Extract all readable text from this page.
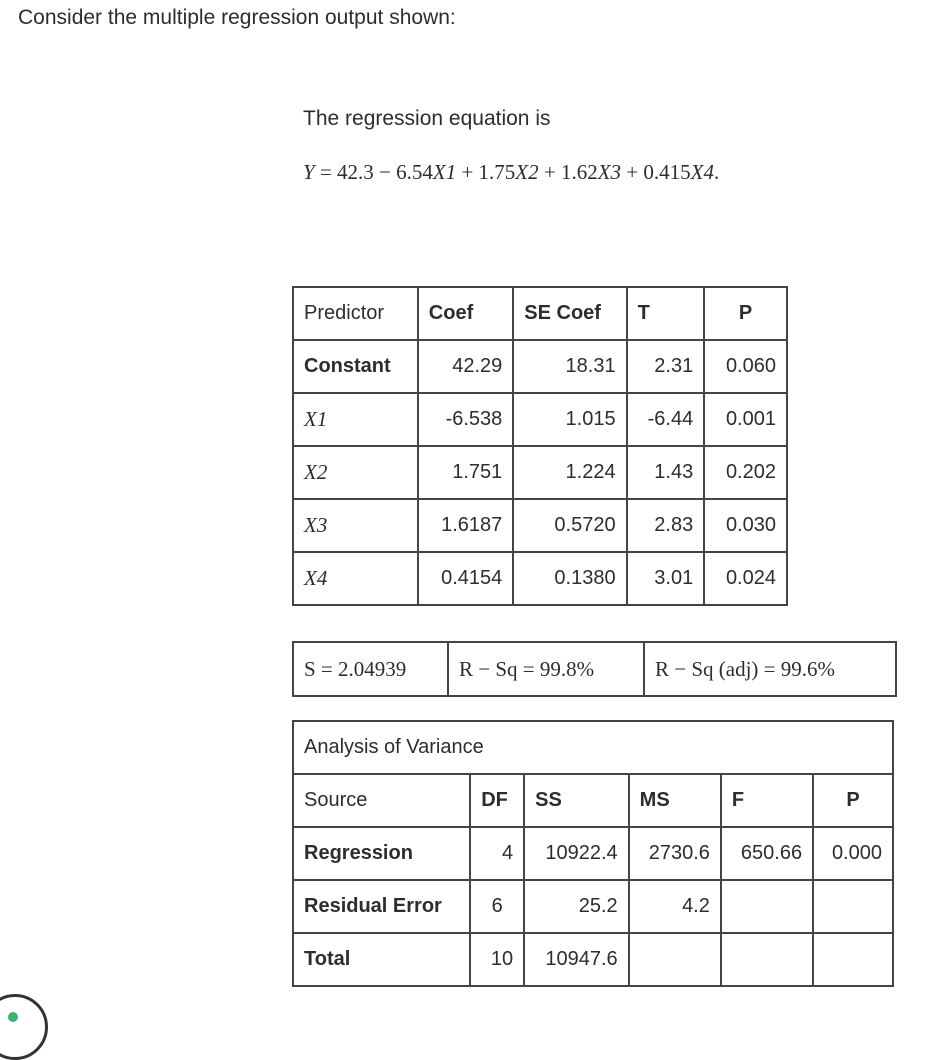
Consider the multiple regression output shown:
The regression equation is
Y = 42.3 − 6.54X1 + 1.75X2 + 1.62X3 + 0.415X4.
Predictor	Coef	SE Coef	T	P
Constant	42.29	18.31	2.31	0.060
X1	-6.538	1.015	-6.44	0.001
X2	1.751	1.224	1.43	0.202
X3	1.6187	0.5720	2.83	0.030
X4	0.4154	0.1380	3.01	0.024
S = 2.04939	R − Sq = 99.8%	R − Sq (adj) = 99.6%
Analysis of Variance					
Source	DF	SS	MS	F	P
Regression	4	10922.4	2730.6	650.66	0.000
Residual Error	6	25.2	4.2		
Total	10	10947.6			
